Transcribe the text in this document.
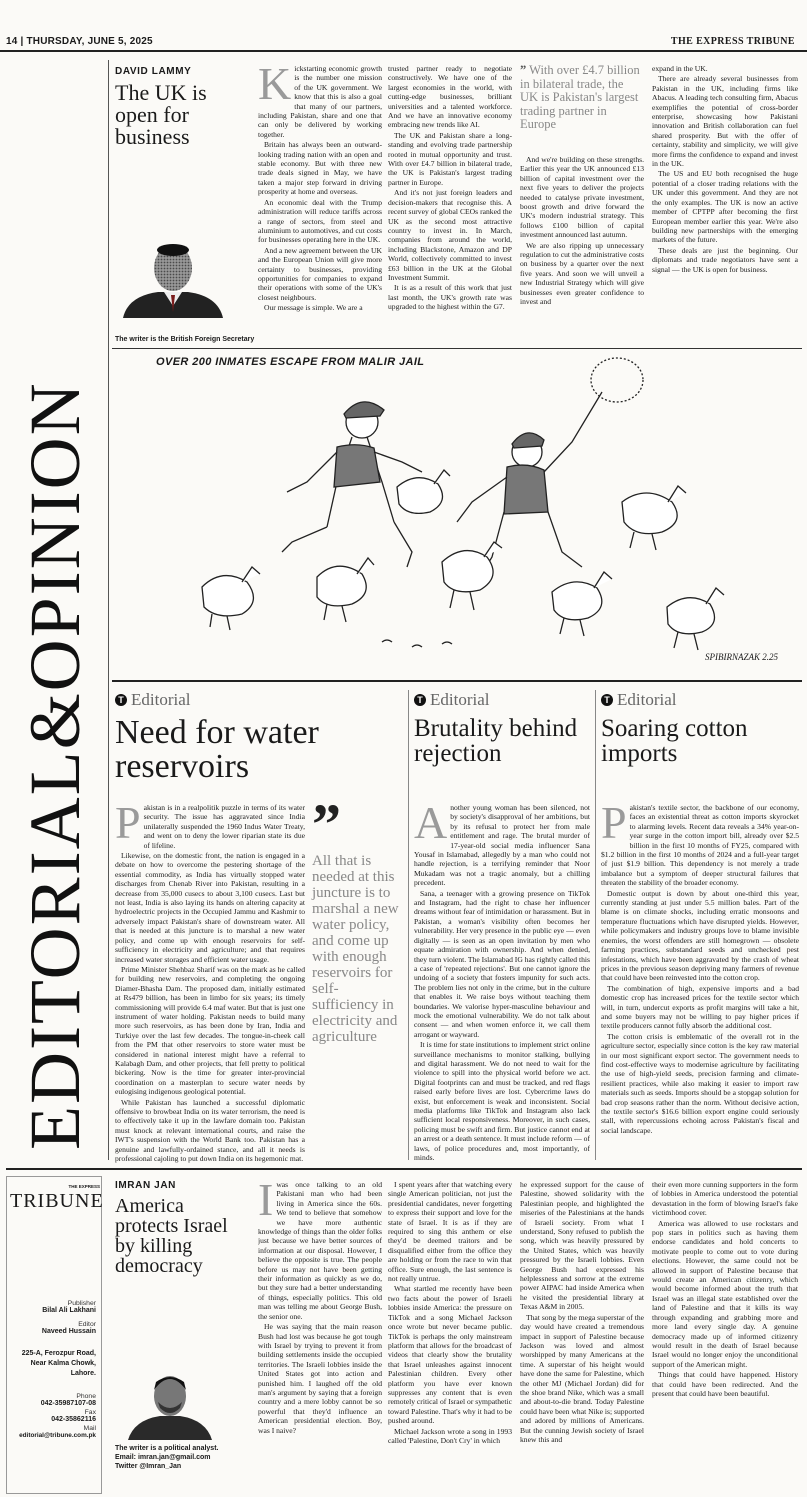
14 | THURSDAY, JUNE 5, 2025	THE EXPRESS TRIBUNE
EDITORIAL&OPINION
DAVID LAMMY
The UK is open for business
The writer is the British Foreign Secretary
K ickstarting economic growth is the number one mission of the UK government. We know that this is also a goal that many of our partners, including Pakistan, share and one that can only be delivered by working together.

Britain has always been an outward-looking trading nation with an open and stable economy. But with three new trade deals signed in May, we have taken a major step forward in driving prosperity at home and overseas.

An economic deal with the Trump administration will reduce tariffs across a range of sectors, from steel and aluminium to automotives, and cut costs for businesses operating here in the UK.

And a new agreement between the UK and the European Union will give more certainty to businesses, providing opportunities for companies to expand their operations with some of the UK's closest neighbours.

Our message is simple. We are a

trusted partner ready to negotiate constructively. We have one of the largest economies in the world, with cutting-edge businesses, brilliant universities and a talented workforce. And we have an innovative economy embracing new trends like AI.

The UK and Pakistan share a long-standing and evolving trade partnership rooted in mutual opportunity and trust. With over £4.7 billion in bilateral trade, the UK is Pakistan's largest trading partner in Europe.

And it's not just foreign leaders and decision-makers that recognise this. A recent survey of global CEOs ranked the UK as the second most attractive country to invest in. In March, companies from around the world, including Blackstone, Amazon and DP World, collectively committed to invest £63 billion in the UK at the Global Investment Summit.

It is as a result of this work that just last month, the UK's growth rate was upgraded to the highest within the G7.

” With over £4.7 billion in bilateral trade, the UK is Pakistan's largest trading partner in Europe

And we're building on these strengths. Earlier this year the UK announced £13 billion of capital investment over the next five years to deliver the projects needed to catalyse private investment, boost growth and drive forward the UK's modern industrial strategy. This follows £100 billion of capital investment announced last autumn.

We are also ripping up unnecessary regulation to cut the administrative costs on business by a quarter over the next five years. And soon we will unveil a new Industrial Strategy which will give businesses even greater confidence to invest and

expand in the UK.

There are already several businesses from Pakistan in the UK, including firms like Abacus. A leading tech consulting firm, Abacus exemplifies the potential of cross-border enterprise, showcasing how Pakistani innovation and British collaboration can fuel shared prosperity. But with the offer of certainty, stability and simplicity, we will give more firms the confidence to expand and invest in the UK.

The US and EU both recognised the huge potential of a closer trading relations with the UK under this government. And they are not the only examples. The UK is now an active member of CPTPP after becoming the first European member earlier this year. We're also building new partnerships with the emerging markets of the future.

These deals are just the beginning. Our diplomats and trade negotiators have sent a signal — the UK is open for business.

OVER 200 INMATES ESCAPE FROM MALIR JAIL
SPIBIRNAZAK 2.25
T Editorial
Need for water reservoirs
P akistan is in a realpolitik puzzle in terms of its water security. The issue has aggravated since India unilaterally suspended the 1960 Indus Water Treaty, and went on to deny the lower riparian state its due of lifeline.

Likewise, on the domestic front, the nation is engaged in a debate on how to overcome the pestering shortage of the essential commodity, as India has virtually stopped water discharges from Chenab River into Pakistan, resulting in a decrease from 35,000 cusecs to about 3,100 cusecs. Last but not least, India is also laying its hands on altering capacity at hydroelectric projects in the Occupied Jammu and Kashmir to adversely impact Pakistan's share of downstream water. All that is needed at this juncture is to marshal a new water policy, and come up with enough reservoirs for self-sufficiency in electricity and agriculture; and that requires increased water storages and efficient water usage.

Prime Minister Shehbaz Sharif was on the mark as he called for building new reservoirs, and completing the ongoing Diamer-Bhasha Dam. The proposed dam, initially estimated at Rs479 billion, has been in limbo for six years; its timely commissioning will provide 6.4 maf water. But that is just one instrument of water holding. Pakistan needs to build many more such reservoirs, as has been done by Iran, India and Turkiye over the last few decades. The tongue-in-cheek call from the PM that other reservoirs to store water must be considered in national interest might have a referral to Kalabagh Dam, and other projects, that fell pretty to political bickering. Now is the time for greater inter-provincial coordination on a masterplan to secure water needs by eulogising indigenous geological potential.

While Pakistan has launched a successful diplomatic offensive to browbeat India on its water terrorism, the need is to effectively take it up in the lawfare domain too. Pakistan must knock at relevant international courts, and raise the IWT's suspension with the World Bank too. Pakistan has a genuine and lawfully-ordained stance, and all it needs is professional cajoling to put down India on its hegemonic mat.

”
All that is needed at this juncture is to marshal a new water policy, and come up with enough reservoirs for self-sufficiency in electricity and agriculture
T Editorial
Brutality behind rejection
A nother young woman has been silenced, not by society's disapproval of her ambitions, but by its refusal to protect her from male entitlement and rage. The brutal murder of 17-year-old social media influencer Sana Yousaf in Islamabad, allegedly by a man who could not handle rejection, is a terrifying reminder that Noor Mukadam was not a tragic anomaly, but a chilling precedent.

Sana, a teenager with a growing presence on TikTok and Instagram, had the right to chase her influencer dreams without fear of intimidation or harassment. But in Pakistan, a woman's visibility often becomes her vulnerability. Her very presence in the public eye — even digitally — is seen as an open invitation by men who equate admiration with ownership. And when denied, they turn violent. The Islamabad IG has rightly called this a case of 'repeated rejections'. But one cannot ignore the undoing of a society that fosters impunity for such acts. The problem lies not only in the crime, but in the culture that enables it. We raise boys without teaching them boundaries. We valorise hyper-masculine behaviour and mock the emotional vulnerability. We do not talk about consent — and when women enforce it, we call them arrogant or wayward.

It is time for state institutions to implement strict online surveillance mechanisms to monitor stalking, bullying and digital harassment. We do not need to wait for the violence to spill into the physical world before we act. Digital footprints can and must be tracked, and red flags raised early before lives are lost. Cybercrime laws do exist, but enforcement is weak and inconsistent. Social media platforms like TikTok and Instagram also lack sufficient local responsiveness. Moreover, in such cases, policing must be swift and firm. But justice cannot end at an arrest or a death sentence. It must include reform — of laws, of police procedures and, most importantly, of minds.

T Editorial
Soaring cotton imports
P akistan's textile sector, the backbone of our economy, faces an existential threat as cotton imports skyrocket to alarming levels. Recent data reveals a 34% year-on-year surge in the cotton import bill, already over $2.5 billion in the first 10 months of FY25, compared with $1.2 billion in the first 10 months of 2024 and a full-year target of just $1.9 billion. This dependency is not merely a trade imbalance but a symptom of deeper structural failures that threaten the stability of the broader economy.

Domestic output is down by about one-third this year, currently standing at just under 5.5 million bales. Part of the blame is on climate shocks, including erratic monsoons and temperature fluctuations which have disrupted yields. However, while policymakers and industry groups love to blame invisible enemies, the worst offenders are still homegrown — obsolete farming practices, substandard seeds and unchecked pest infestations, which have been aggravated by the crash of wheat prices in the previous season depriving many farmers of revenue that could have been reinvested into the cotton crop.

The combination of high, expensive imports and a bad domestic crop has increased prices for the textile sector which will, in turn, undercut exports as profit margins will take a hit, and some buyers may not be willing to pay higher prices if textile producers cannot fully absorb the additional cost.

The cotton crisis is emblematic of the overall rot in the agriculture sector, especially since cotton is the key raw material in our most significant export sector. The government needs to find cost-effective ways to modernise agriculture by facilitating the use of high-yield seeds, precision farming and climate-resilient practices, while also making it easier to import raw materials such as seeds. Imports should be a stopgap solution for bad crop seasons rather than the norm. Without decisive action, the textile sector's $16.6 billion export engine could seriously stall, with repercussions echoing across Pakistan's fiscal and social landscape.

THE EXPRESS
TRIBUNE
Publisher
Bilal Ali Lakhani
Editor
Naveed Hussain
225-A, Ferozpur Road, Near Kalma Chowk, Lahore.
Phone
042-35987107-08
Fax
042-35862116
Mail
editorial@tribune.com.pk
IMRAN JAN
America protects Israel by killing democracy
The writer is a political analyst.
Email: imran.jan@gmail.com
Twitter @Imran_Jan
I was once talking to an old Pakistani man who had been living in America since the 60s. We tend to believe that somehow we have more authentic knowledge of things than the older folks just because we have better sources of information at our disposal. However, I believe the opposite is true. The people before us may not have been getting their information as quickly as we do, but they sure had a better understanding of things, especially politics. This old man was telling me about George Bush, the senior one.

He was saying that the main reason Bush had lost was because he got tough with Israel by trying to prevent it from building settlements inside the occupied territories. The Israeli lobbies inside the United States got into action and punished him. I laughed off the old man's argument by saying that a foreign country and a mere lobby cannot be so powerful that they'd influence an American presidential election. Boy, was I naive?

I spent years after that watching every single American politician, not just the presidential candidates, never forgetting to express their support and love for the state of Israel. It is as if they are required to sing this anthem or else they'd be deemed traitors and be disqualified either from the office they are holding or from the race to win that office. Sure enough, the last sentence is not really untrue.

What startled me recently have been two facts about the power of Israeli lobbies inside America: the pressure on TikTok and a song Michael Jackson once wrote but never became public. TikTok is perhaps the only mainstream platform that allows for the broadcast of videos that clearly show the brutality that Israel unleashes against innocent Palestinian children. Every other platform you have ever known suppresses any content that is even remotely critical of Israel or sympathetic toward Palestine. That's why it had to be pushed around.

Michael Jackson wrote a song in 1993 called 'Palestine, Don't Cry' in which

he expressed support for the cause of Palestine, showed solidarity with the Palestinian people, and highlighted the miseries of the Palestinians at the hands of Israeli society. From what I understand, Sony refused to publish the song, which was heavily pressured by the United States, which was heavily pressured by the Israeli lobbies. Even George Bush had expressed his helplessness and sorrow at the extreme power AIPAC had inside America when he visited the presidential library at Texas A&M in 2005.

That song by the mega superstar of the day would have created a tremendous impact in support of Palestine because Jackson was loved and almost worshipped by many Americans at the time. A superstar of his height would have done the same for Palestine, which the other MJ (Michael Jordan) did for the shoe brand Nike, which was a small and about-to-die brand. Today Palestine could have been what Nike is; supported and adored by millions of Americans. But the cunning Jewish society of Israel knew this and

their even more cunning supporters in the form of lobbies in America understood the potential devastation in the form of blowing Israel's fake victimhood cover.

America was allowed to use rockstars and pop stars in politics such as having them endorse candidates and hold concerts to motivate people to come out to vote during elections. However, the same could not be allowed in support of Palestine because that would create an American citizenry, which would become informed about the truth that Israel was an illegal state established over the land of Palestine and that it kills its way through expanding and grabbing more and more land every single day. A genuine democracy made up of informed citizenry would result in the death of Israel because Israel would no longer enjoy the unconditional support of the American might.

Things that could have happened. History that could have been redirected. And the present that could have been beautiful.
